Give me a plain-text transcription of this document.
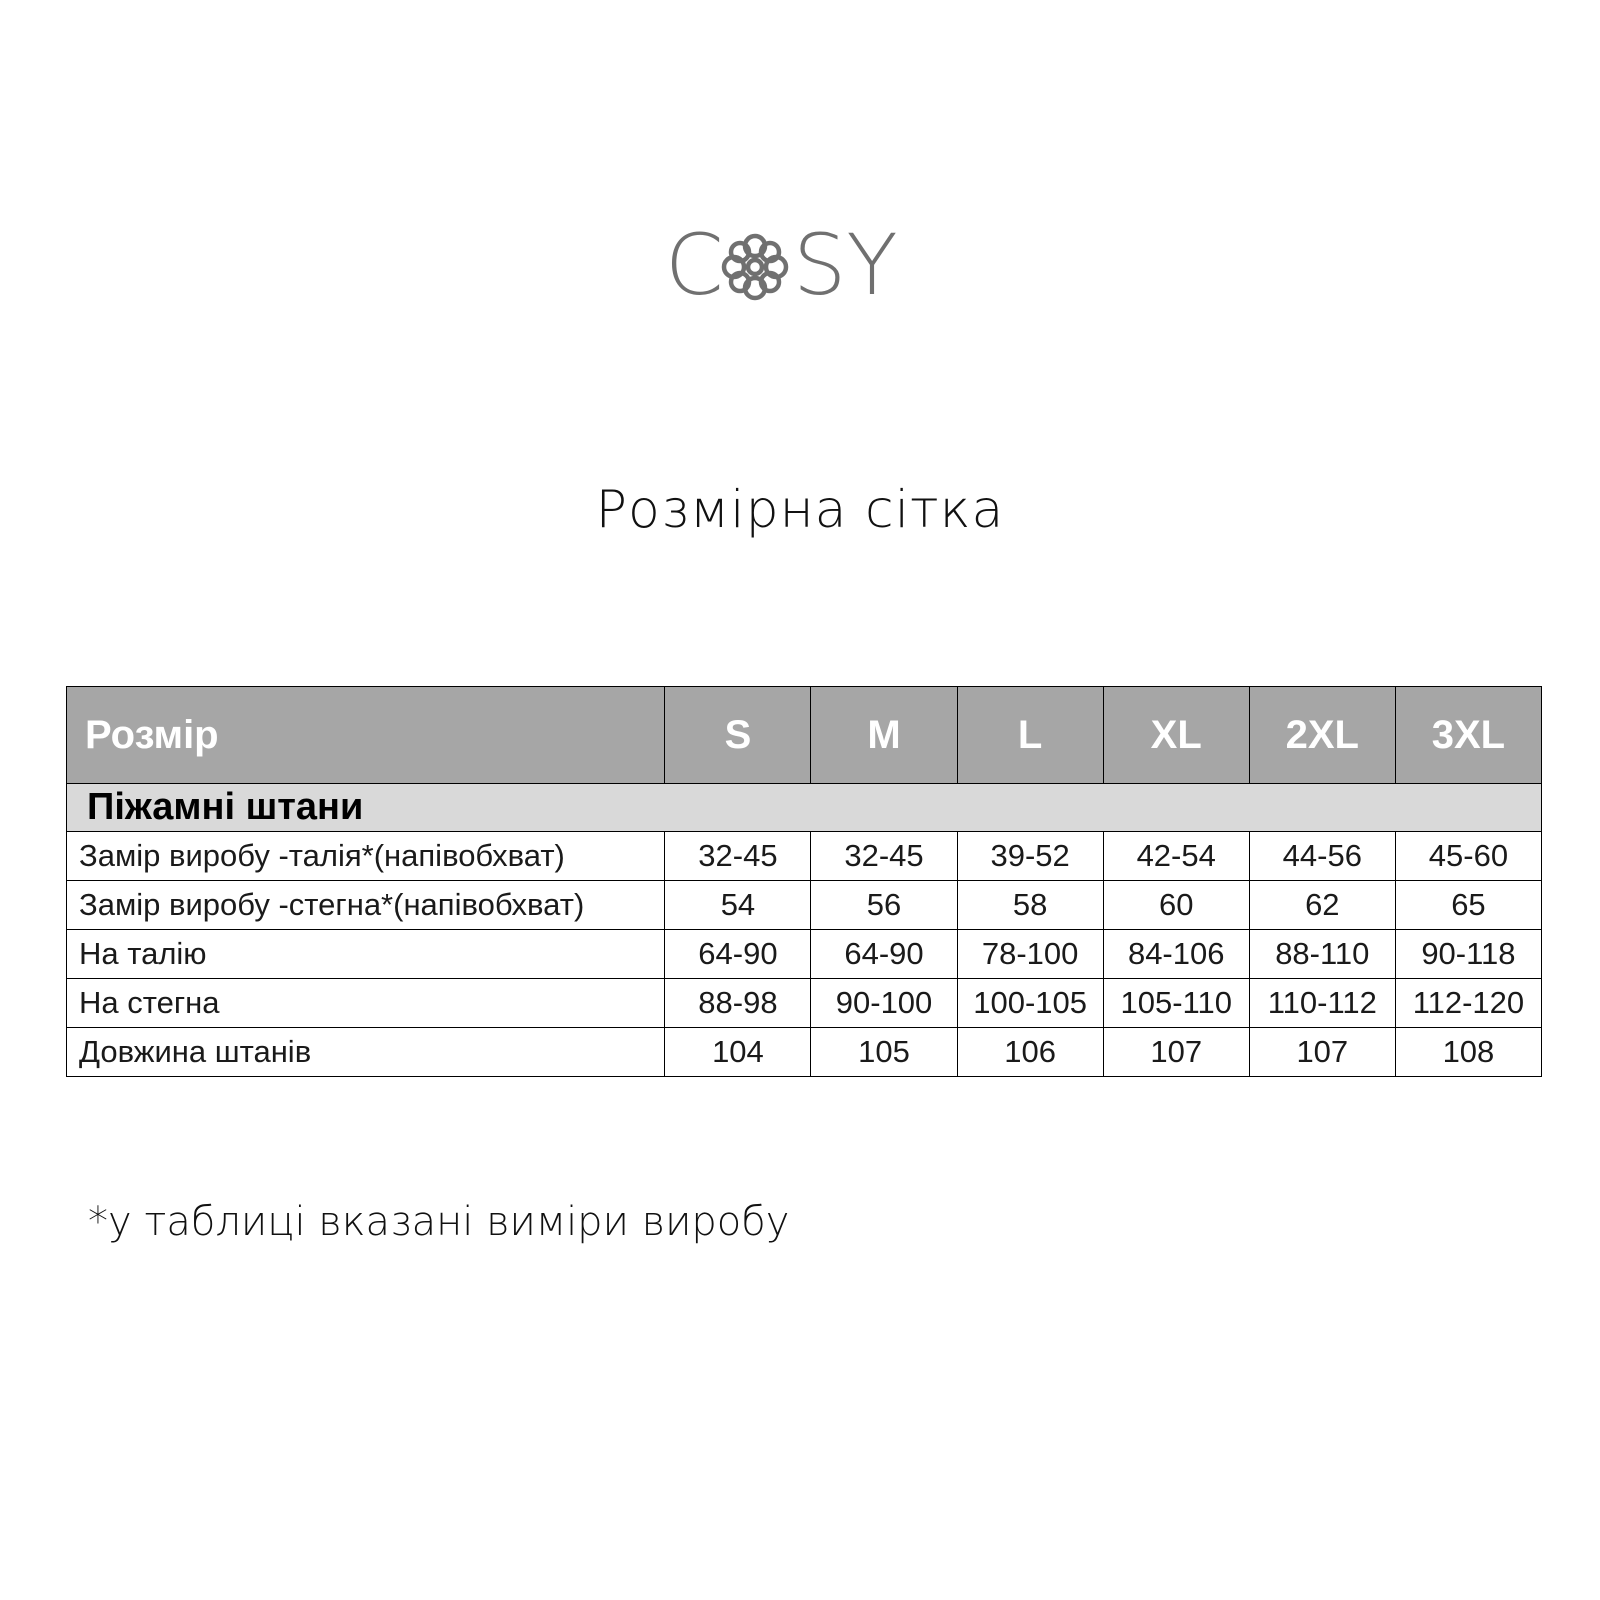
C SY
Розмірна сітка
Розмір	S	M	L	XL	2XL	3XL
Піжамні штани						
Замір виробу -талія*(напівобхват)	32-45	32-45	39-52	42-54	44-56	45-60
Замір виробу -стегна*(напівобхват)	54	56	58	60	62	65
На талію	64-90	64-90	78-100	84-106	88-110	90-118
На стегна	88-98	90-100	100-105	105-110	110-112	112-120
Довжина штанів	104	105	106	107	107	108
*у таблиці вказані виміри виробу
